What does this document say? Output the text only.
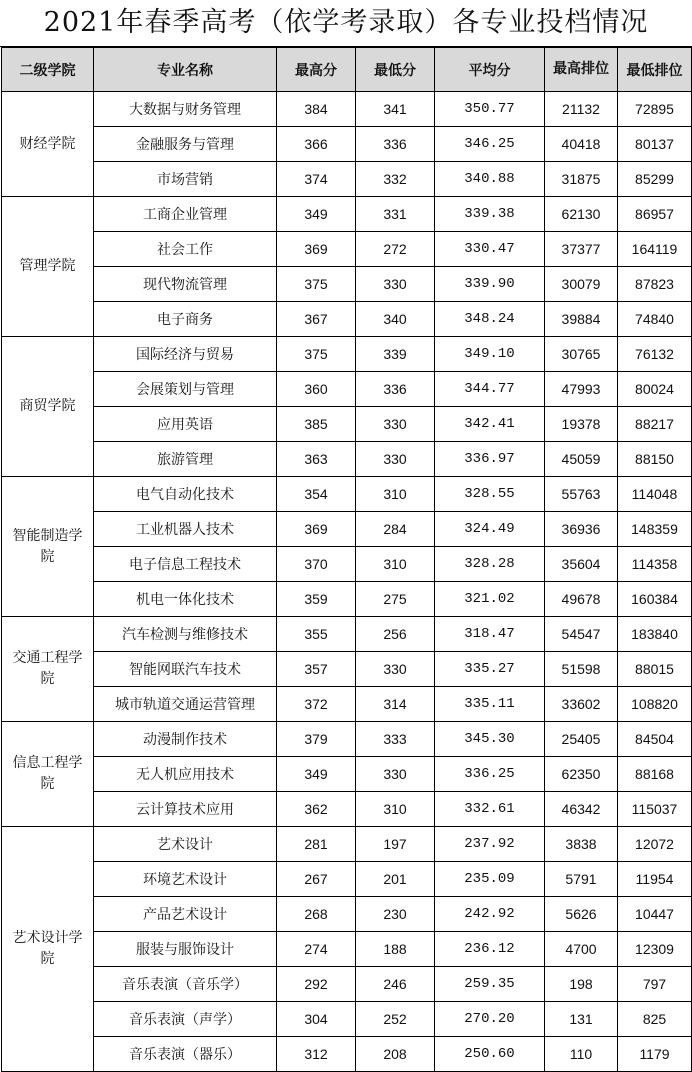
2021年春季高考（依学考录取）各专业投档情况
二级学院	专业名称	最高分	最低分	平均分	最高排位	最低排位
财经学院	大数据与财务管理	384	341	350.77	21132	72895
	金融服务与管理	366	336	346.25	40418	80137
	市场营销	374	332	340.88	31875	85299
管理学院	工商企业管理	349	331	339.38	62130	86957
	社会工作	369	272	330.47	37377	164119
	现代物流管理	375	330	339.90	30079	87823
	电子商务	367	340	348.24	39884	74840
商贸学院	国际经济与贸易	375	339	349.10	30765	76132
	会展策划与管理	360	336	344.77	47993	80024
	应用英语	385	330	342.41	19378	88217
	旅游管理	363	330	336.97	45059	88150
智能制造学院	电气自动化技术	354	310	328.55	55763	114048
	工业机器人技术	369	284	324.49	36936	148359
	电子信息工程技术	370	310	328.28	35604	114358
	机电一体化技术	359	275	321.02	49678	160384
交通工程学院	汽车检测与维修技术	355	256	318.47	54547	183840
	智能网联汽车技术	357	330	335.27	51598	88015
	城市轨道交通运营管理	372	314	335.11	33602	108820
信息工程学院	动漫制作技术	379	333	345.30	25405	84504
	无人机应用技术	349	330	336.25	62350	88168
	云计算技术应用	362	310	332.61	46342	115037
艺术设计学院	艺术设计	281	197	237.92	3838	12072
	环境艺术设计	267	201	235.09	5791	11954
	产品艺术设计	268	230	242.92	5626	10447
	服装与服饰设计	274	188	236.12	4700	12309
	音乐表演（音乐学）	292	246	259.35	198	797
	音乐表演（声学）	304	252	270.20	131	825
	音乐表演（器乐）	312	208	250.60	110	1179
